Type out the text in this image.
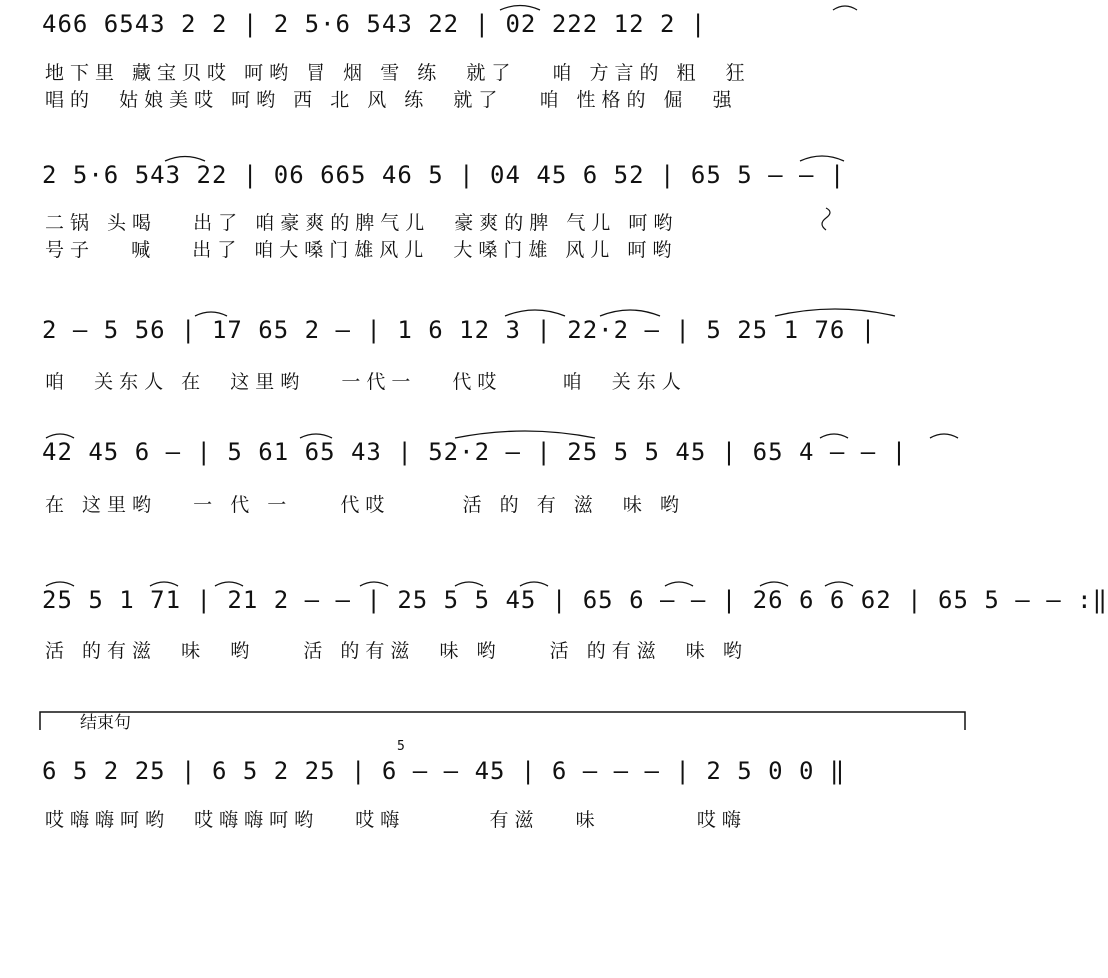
466 6543 2 2 | 2 5·6 543 22 | 02 222 12 2 |
地下里 藏宝贝哎 呵哟 冒 烟 雪 练  就了   咱 方言的 粗  狂
唱的  姑娘美哎 呵哟 西 北 风 练  就了   咱 性格的 倔  强
2 5·6 543 22 | 06 665 46 5 | 04 45 6 52 | 65 5 – – |
二锅 头喝   出了 咱豪爽的脾气儿  豪爽的脾 气儿 呵哟
号子   喊   出了 咱大嗓门雄风儿  大嗓门雄 风儿 呵哟
2 – 5 56 | 17 65 2 – | 1 6 12 3 | 22·2 – | 5 25 1 76 |
咱  关东人 在  这里哟   一代一   代哎     咱  关东人
42 45 6 – | 5 61 65 43 | 52·2 – | 25 5 5 45 | 65 4 – – |
在 这里哟   一 代 一    代哎      活 的 有 滋  味 哟
25 5 1 71 | 21 2 – – | 25 5 5 45 | 65 6 – – | 26 6 6 62 | 65 5 – – :‖
活 的有滋  味  哟    活 的有滋  味 哟    活 的有滋  味 哟
结束句
5
6 5 2 25 | 6 5 2 25 | 6 – – 45 | 6 – – – | 2 5 0 0 ‖
哎嗨嗨呵哟  哎嗨嗨呵哟   哎嗨       有滋   味        哎嗨
